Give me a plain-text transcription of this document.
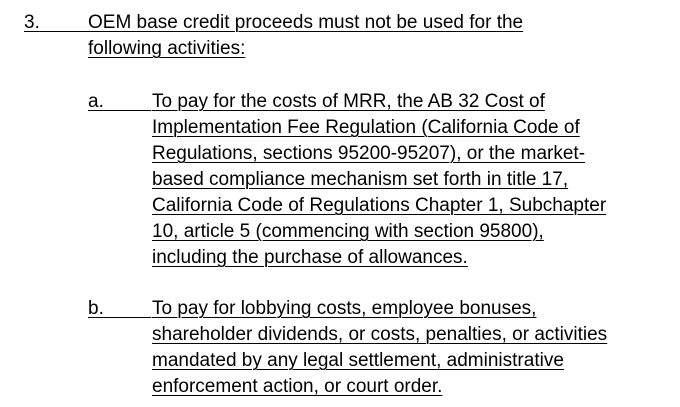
3.	OEM base credit proceeds must not be used for the
following activities:
a.	To pay for the costs of MRR, the AB 32 Cost of
Implementation Fee Regulation (California Code of
Regulations, sections 95200-95207), or the market-
based compliance mechanism set forth in title 17,
California Code of Regulations Chapter 1, Subchapter
10, article 5 (commencing with section 95800),
including the purchase of allowances.
b.	To pay for lobbying costs, employee bonuses,
shareholder dividends, or costs, penalties, or activities
mandated by any legal settlement, administrative
enforcement action, or court order.
